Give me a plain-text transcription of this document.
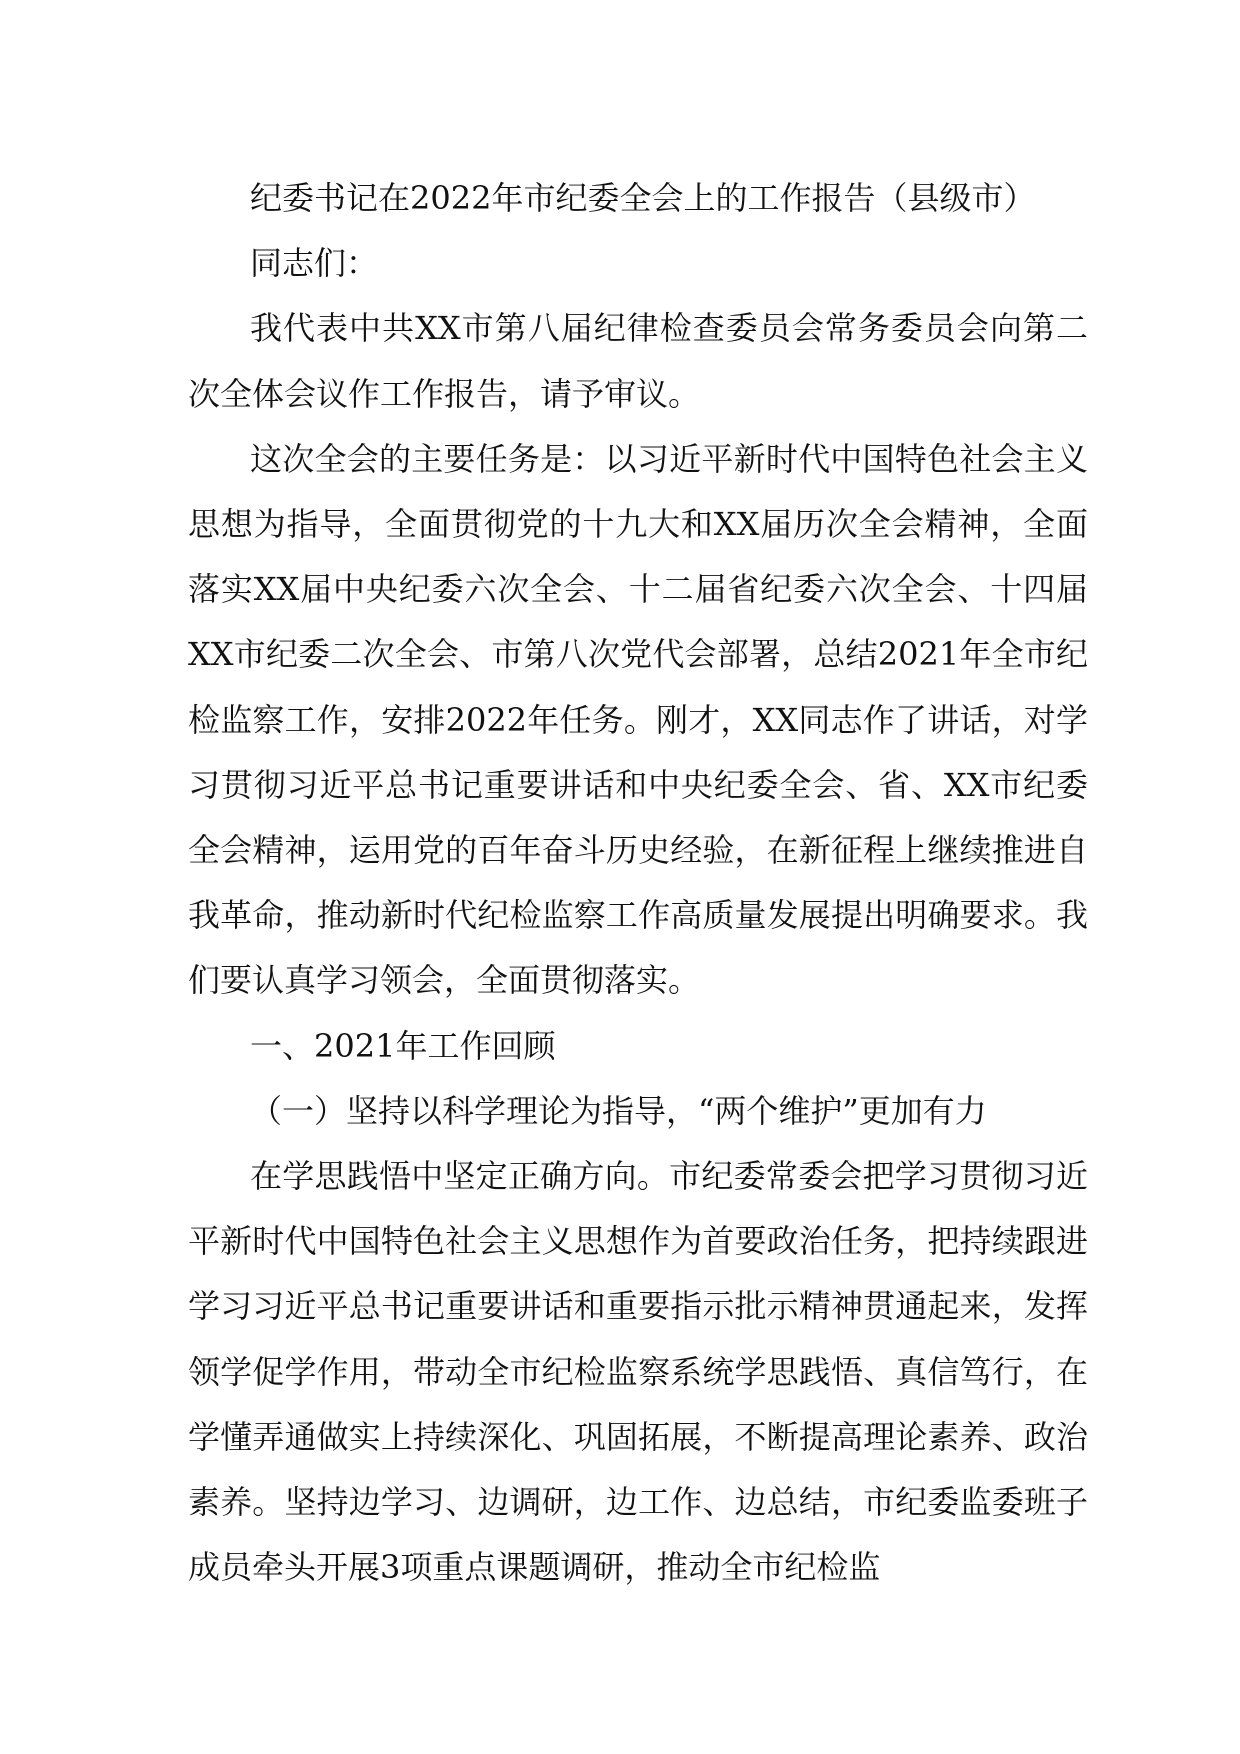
纪委书记在2022年市纪委全会上的工作报告（县级市）

同志们：

我代表中共XX市第八届纪律检查委员会常务委员会向第二次全体会议作工作报告，请予审议。

这次全会的主要任务是：以习近平新时代中国特色社会主义思想为指导，全面贯彻党的十九大和XX届历次全会精神，全面落实XX届中央纪委六次全会、十二届省纪委六次全会、十四届XX市纪委二次全会、市第八次党代会部署，总结2021年全市纪检监察工作，安排2022年任务。刚才，XX同志作了讲话，对学习贯彻习近平总书记重要讲话和中央纪委全会、省、XX市纪委全会精神，运用党的百年奋斗历史经验，在新征程上继续推进自我革命，推动新时代纪检监察工作高质量发展提出明确要求。我们要认真学习领会，全面贯彻落实。

一、2021年工作回顾

（一）坚持以科学理论为指导，“两个维护”更加有力

在学思践悟中坚定正确方向。市纪委常委会把学习贯彻习近平新时代中国特色社会主义思想作为首要政治任务，把持续跟进学习习近平总书记重要讲话和重要指示批示精神贯通起来，发挥领学促学作用，带动全市纪检监察系统学思践悟、真信笃行，在学懂弄通做实上持续深化、巩固拓展，不断提高理论素养、政治素养。坚持边学习、边调研，边工作、边总结，市纪委监委班子成员牵头开展3项重点课题调研，推动全市纪检监
